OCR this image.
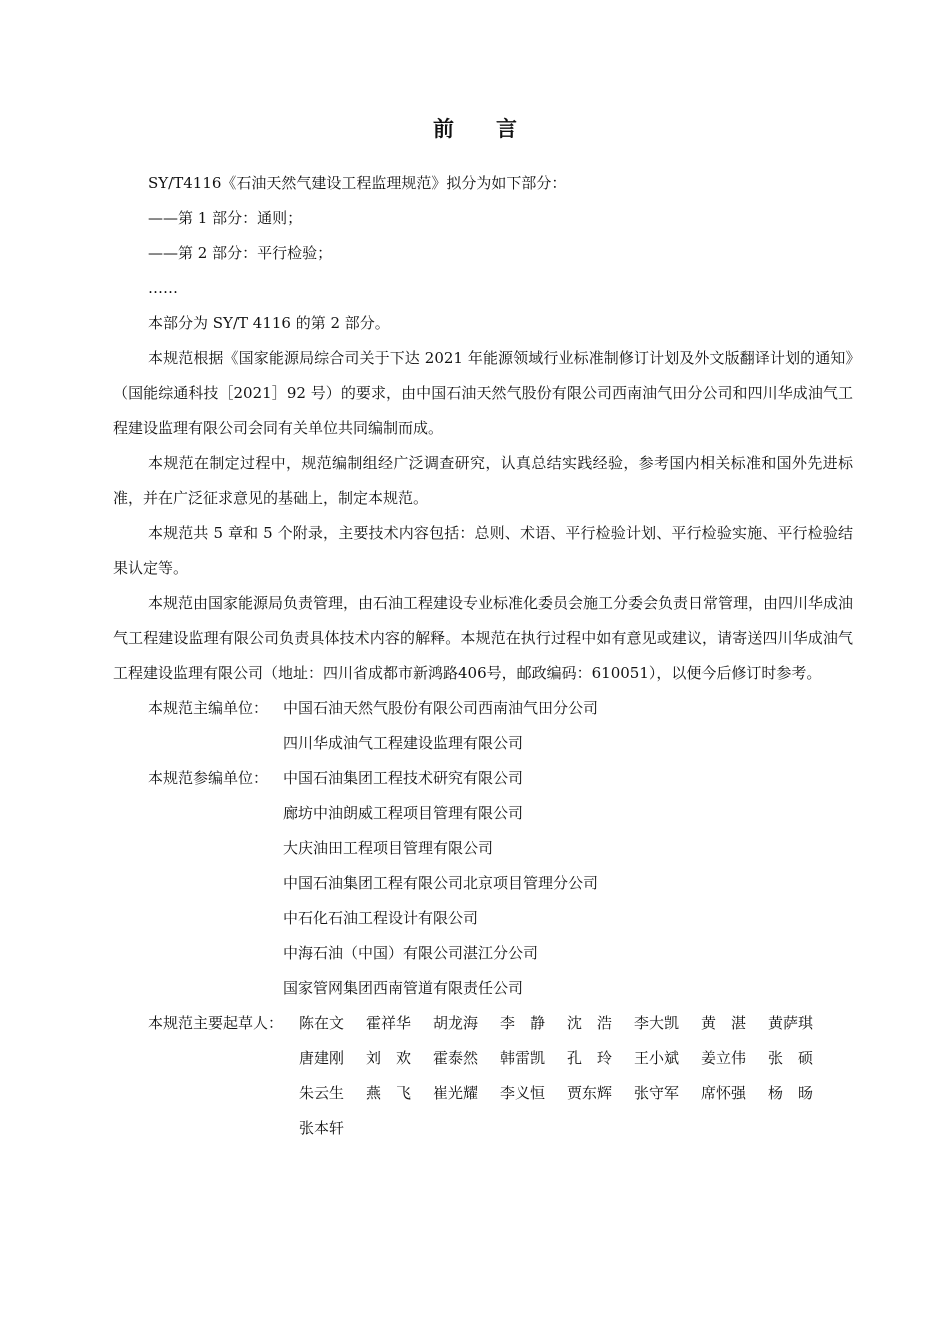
前 言

SY/T4116《石油天然气建设工程监理规范》拟分为如下部分：

——第 1 部分：通则；

——第 2 部分：平行检验；

……

本部分为 SY/T 4116 的第 2 部分。

本规范根据《国家能源局综合司关于下达 2021 年能源领域行业标准制修订计划及外文版翻译计划的通知》（国能综通科技［2021］92 号）的要求，由中国石油天然气股份有限公司西南油气田分公司和四川华成油气工程建设监理有限公司会同有关单位共同编制而成。

本规范在制定过程中，规范编制组经广泛调查研究，认真总结实践经验，参考国内相关标准和国外先进标准，并在广泛征求意见的基础上，制定本规范。

本规范共 5 章和 5 个附录，主要技术内容包括：总则、术语、平行检验计划、平行检验实施、平行检验结果认定等。

本规范由国家能源局负责管理，由石油工程建设专业标准化委员会施工分委会负责日常管理，由四川华成油气工程建设监理有限公司负责具体技术内容的解释。本规范在执行过程中如有意见或建议，请寄送四川华成油气工程建设监理有限公司（地址：四川省成都市新鸿路406号，邮政编码：610051），以便今后修订时参考。

本规范主编单位： 中国石油天然气股份有限公司西南油气田分公司
四川华成油气工程建设监理有限公司
本规范参编单位： 中国石油集团工程技术研究有限公司
廊坊中油朗威工程项目管理有限公司
大庆油田工程项目管理有限公司
中国石油集团工程有限公司北京项目管理分公司
中石化石油工程设计有限公司
中海石油（中国）有限公司湛江分公司
国家管网集团西南管道有限责任公司
本规范主要起草人：	陈在文	霍祥华	胡龙海	李　静	沈　浩	李大凯	黄　湛	黄萨琪
唐建刚	刘　欢	霍泰然	韩雷凯	孔　玲	王小斌	姜立伟	张　硕
朱云生	燕　飞	崔光耀	李义恒	贾东辉	张守军	席怀强	杨　旸
张本轩
